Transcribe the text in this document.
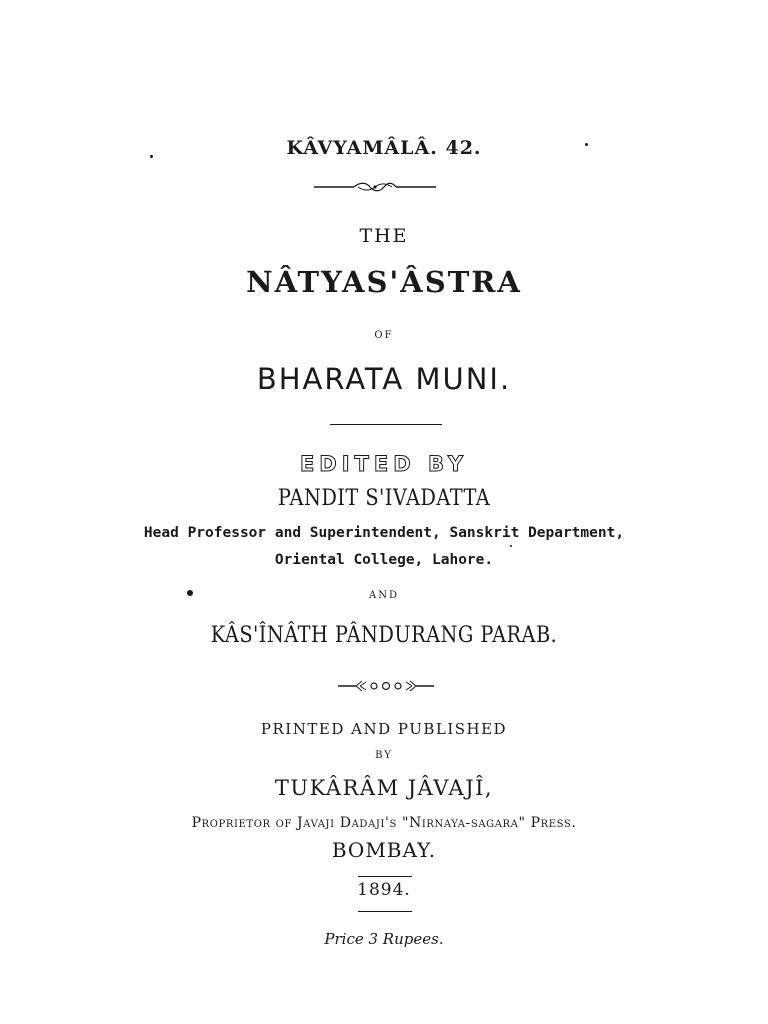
KÂVYAMÂLÂ. 42.
THE
NÂTYAS'ÂSTRA
OF
BHARATA MUNI.
EDITED BY
PANDIT S'IVADATTA
Head Professor and Superintendent, Sanskrit Department,
Oriental College, Lahore.
AND
KÂS'ÎNÂTH PÂNDURANG PARAB.
PRINTED AND PUBLISHED
BY
TUKÂRÂM JÂVAJÎ,
Proprietor of Javaji Dadaji's "Nirnaya-sagara" Press.
BOMBAY.
1894.
Price 3 Rupees.
